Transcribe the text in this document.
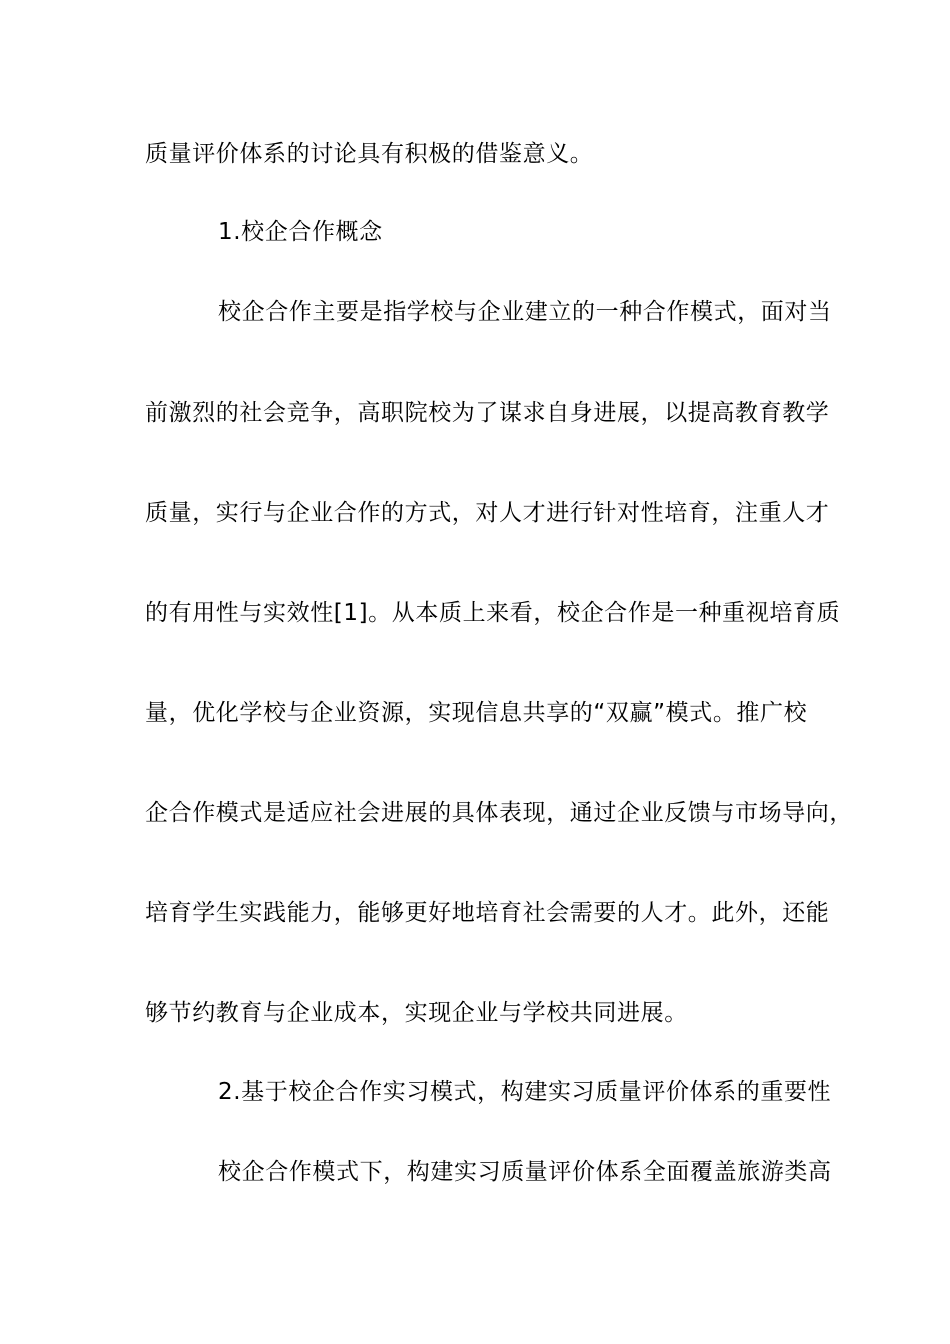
质量评价体系的讨论具有积极的借鉴意义。
1.校企合作概念
校企合作主要是指学校与企业建立的一种合作模式，面对当
前激烈的社会竞争，高职院校为了谋求自身进展，以提高教育教学
质量，实行与企业合作的方式，对人才进行针对性培育，注重人才
的有用性与实效性[1]。从本质上来看，校企合作是一种重视培育质
量，优化学校与企业资源，实现信息共享的“双赢”模式。推广校
企合作模式是适应社会进展的具体表现，通过企业反馈与市场导向，
培育学生实践能力，能够更好地培育社会需要的人才。此外，还能
够节约教育与企业成本，实现企业与学校共同进展。
2.基于校企合作实习模式，构建实习质量评价体系的重要性
校企合作模式下，构建实习质量评价体系全面覆盖旅游类高
